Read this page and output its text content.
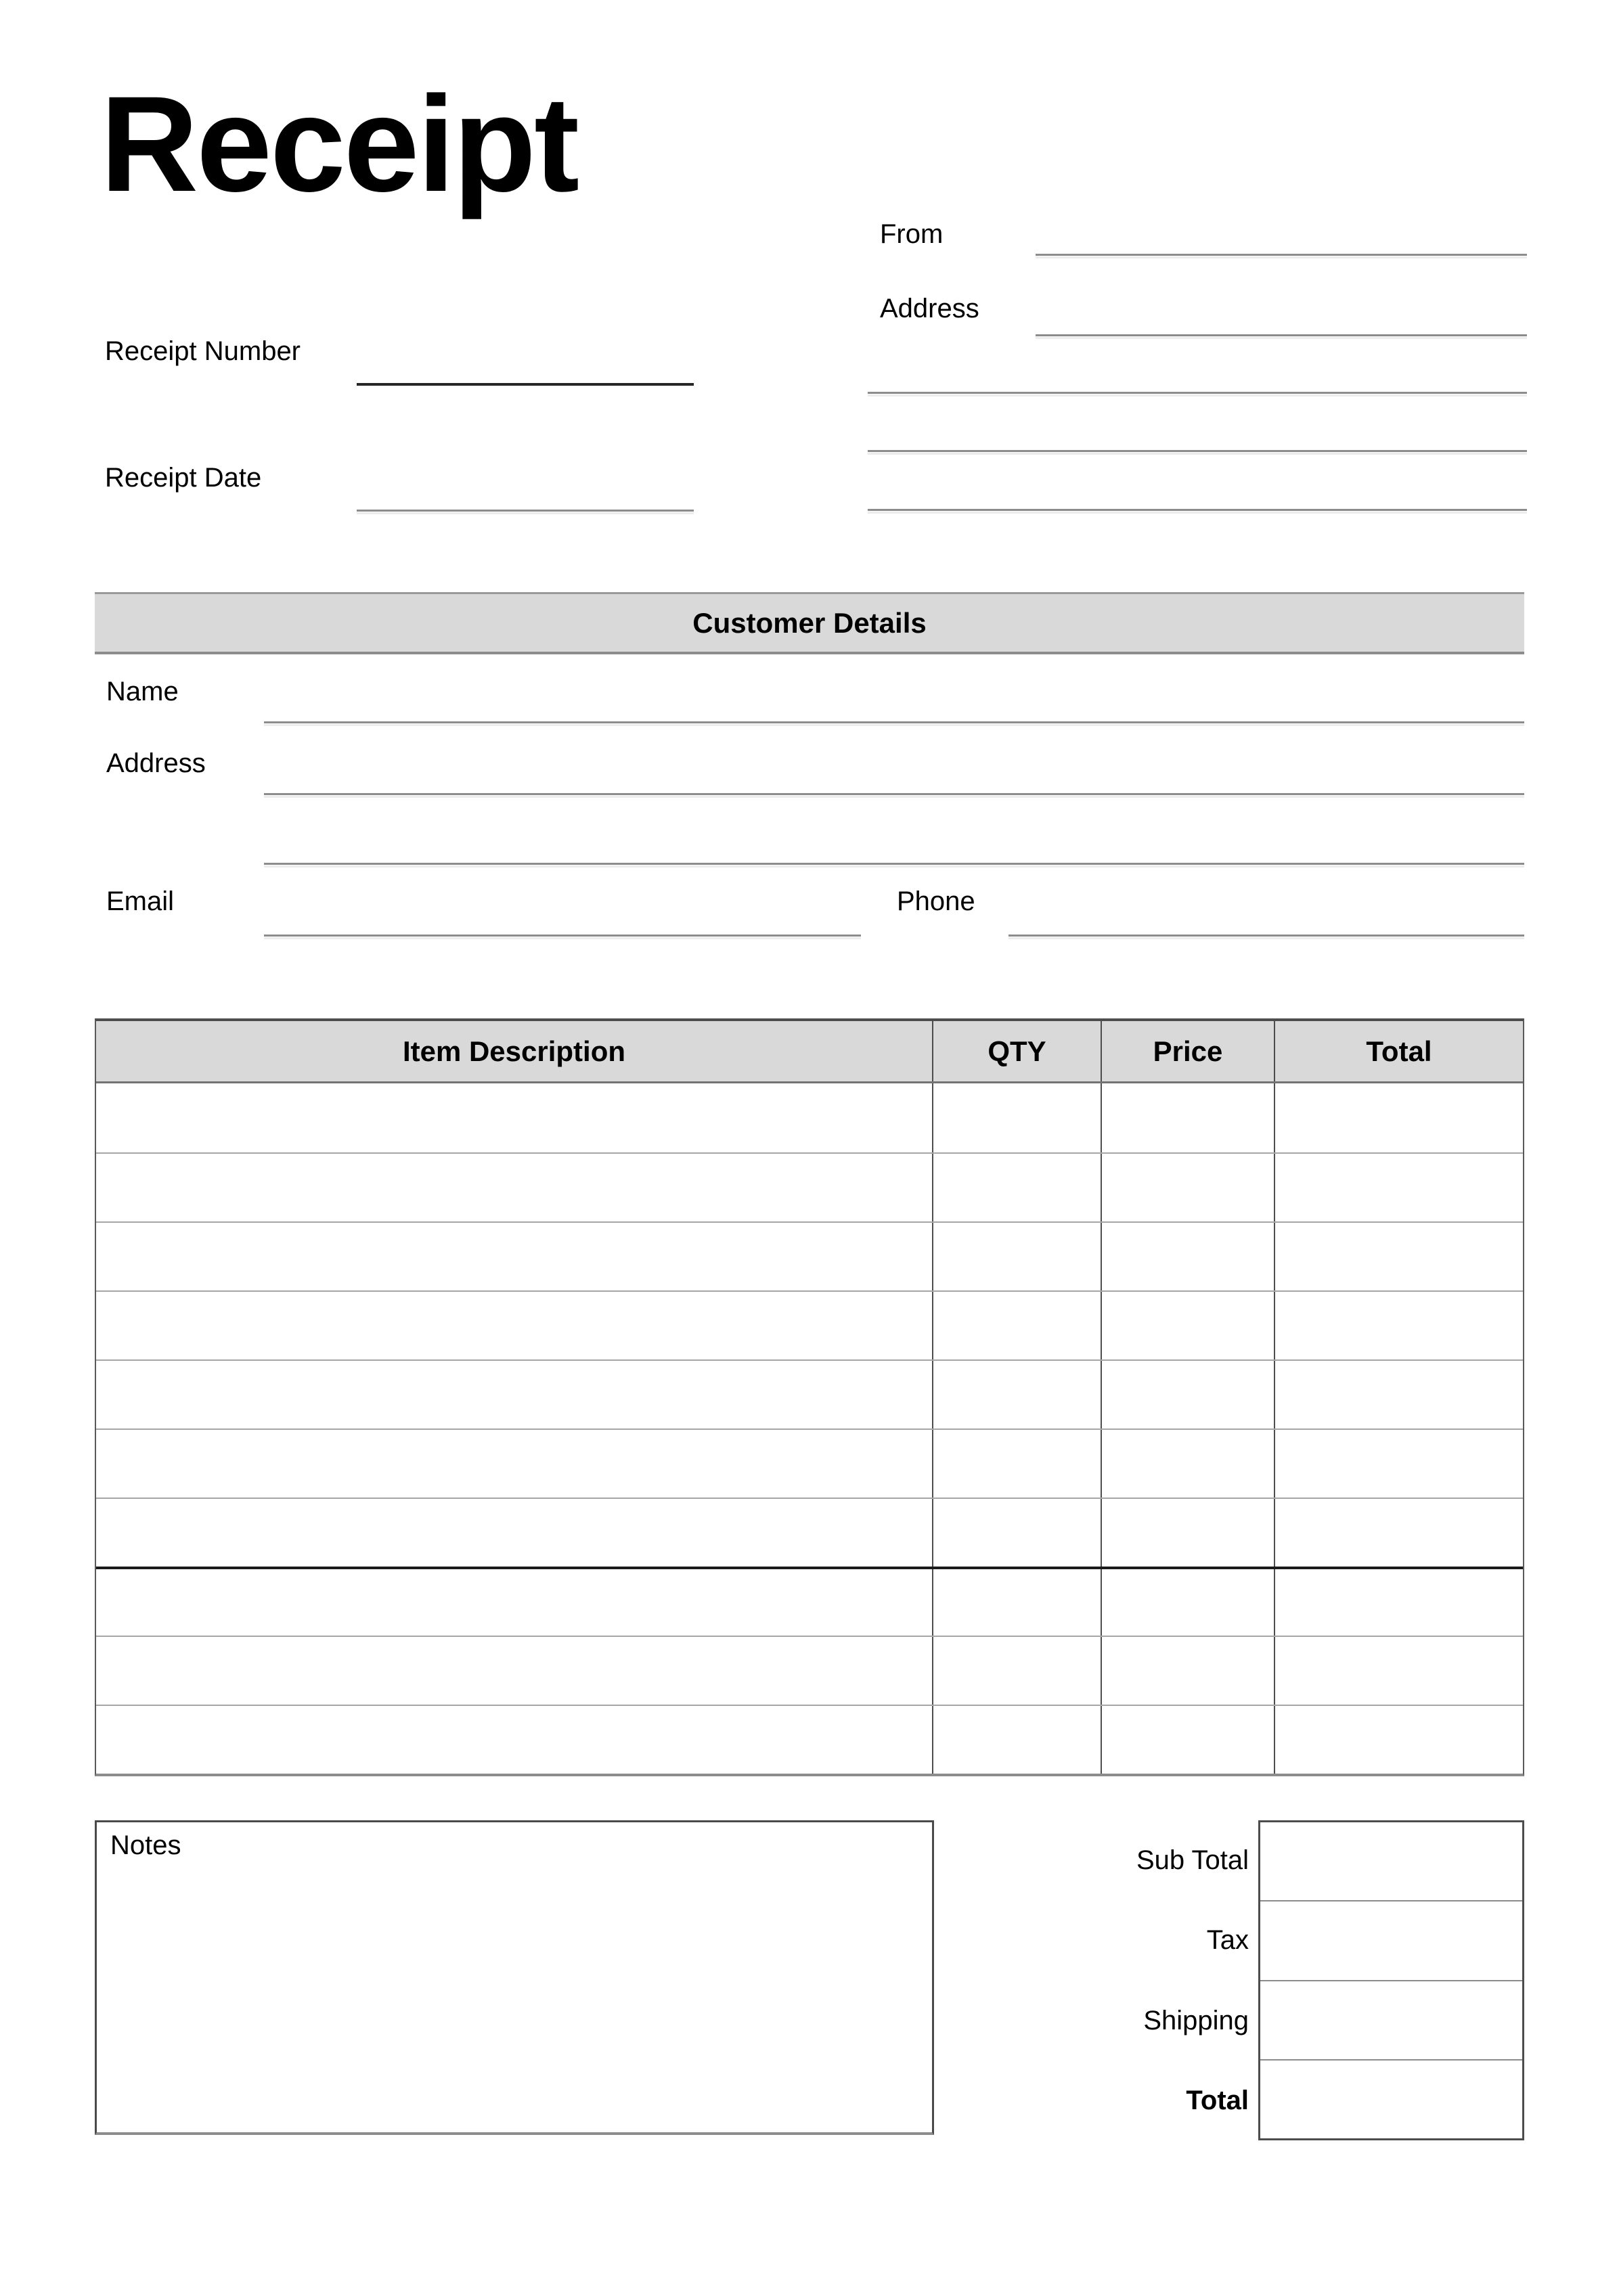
Receipt
From
Address
Receipt Number
Receipt Date
Customer Details
Name
Address
Email	Phone
Item Description	QTY	Price	Total
Notes	Sub Total
Tax
Shipping
Total
